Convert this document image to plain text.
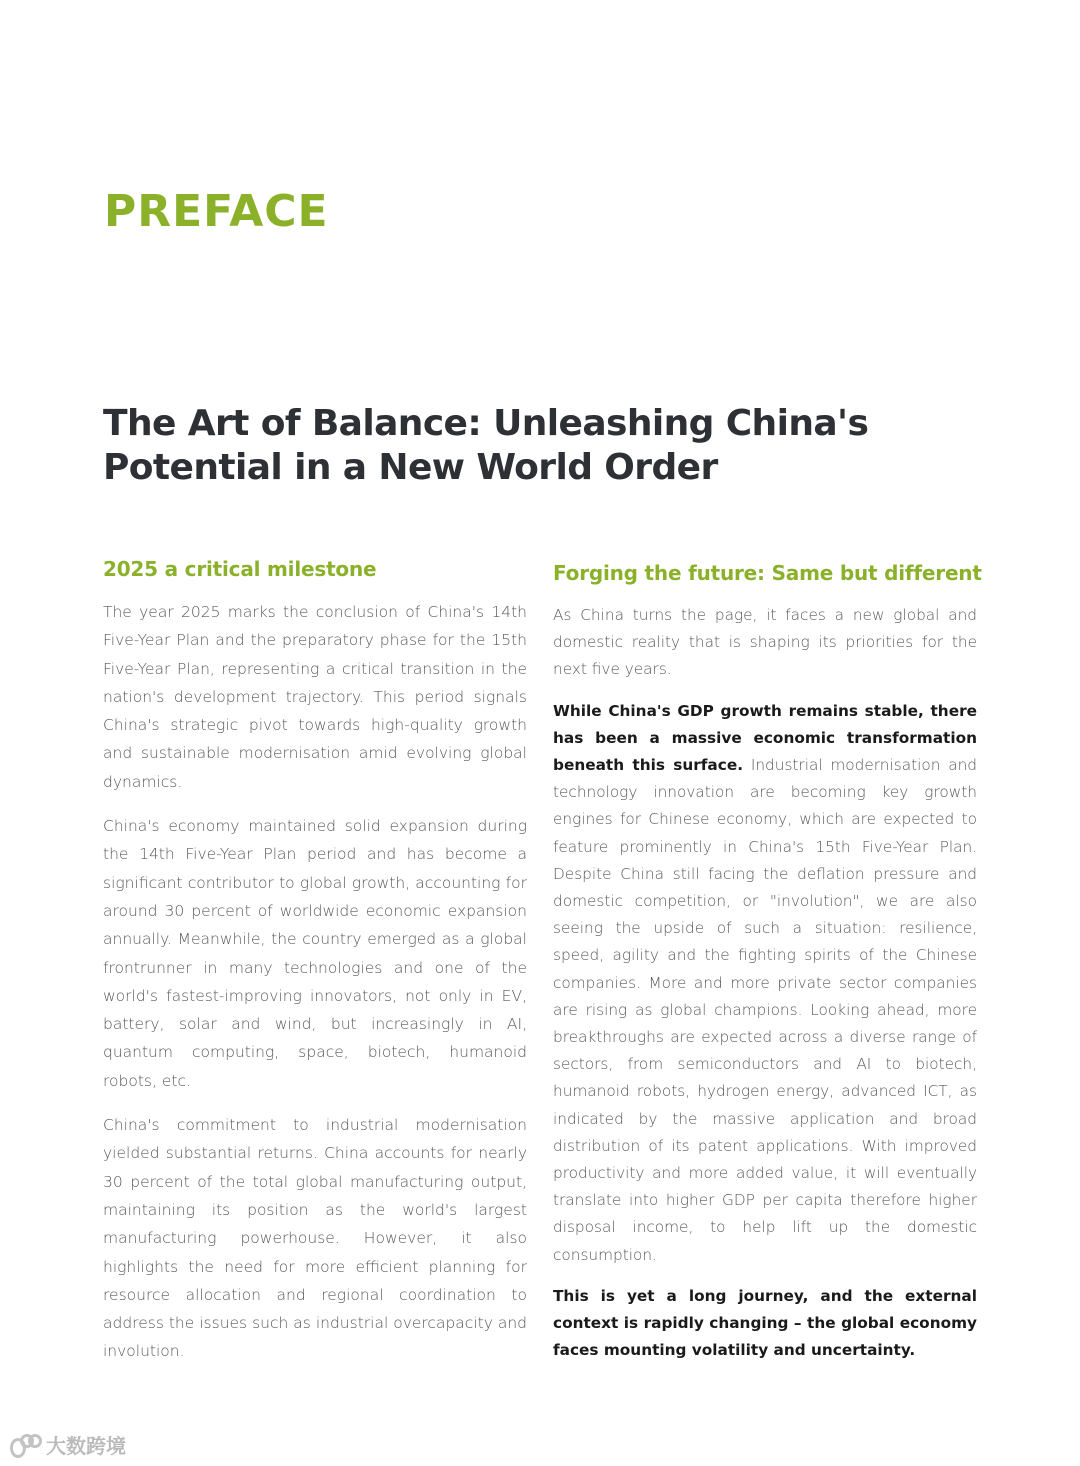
PREFACE
The Art of Balance: Unleashing China's Potential in a New World Order
2025 a critical milestone

The year 2025 marks the conclusion of China's 14th Five-Year Plan and the preparatory phase for the 15th Five-Year Plan, representing a critical transition in the nation's development trajectory. This period signals China's strategic pivot towards high-quality growth and sustainable modernisation amid evolving global dynamics.

China's economy maintained solid expansion during the 14th Five-Year Plan period and has become a significant contributor to global growth, accounting for around 30 percent of worldwide economic expansion annually. Meanwhile, the country emerged as a global frontrunner in many technologies and one of the world's fastest-improving innovators, not only in EV, battery, solar and wind, but increasingly in AI, quantum computing, space, biotech, humanoid robots, etc.

China's commitment to industrial modernisation yielded substantial returns. China accounts for nearly 30 percent of the total global manufacturing output, maintaining its position as the world's largest manufacturing powerhouse. However, it also highlights the need for more efficient planning for resource allocation and regional coordination to address the issues such as industrial overcapacity and involution.

Forging the future: Same but different

As China turns the page, it faces a new global and domestic reality that is shaping its priorities for the next five years.

While China's GDP growth remains stable, there has been a massive economic transformation beneath this surface. Industrial modernisation and technology innovation are becoming key growth engines for Chinese economy, which are expected to feature prominently in China's 15th Five-Year Plan. Despite China still facing the deflation pressure and domestic competition, or "involution", we are also seeing the upside of such a situation: resilience, speed, agility and the fighting spirits of the Chinese companies. More and more private sector companies are rising as global champions. Looking ahead, more breakthroughs are expected across a diverse range of sectors, from semiconductors and AI to biotech, humanoid robots, hydrogen energy, advanced ICT, as indicated by the massive application and broad distribution of its patent applications. With improved productivity and more added value, it will eventually translate into higher GDP per capita therefore higher disposal income, to help lift up the domestic consumption.

This is yet a long journey, and the external context is rapidly changing – the global economy faces mounting volatility and uncertainty.

大数跨境
